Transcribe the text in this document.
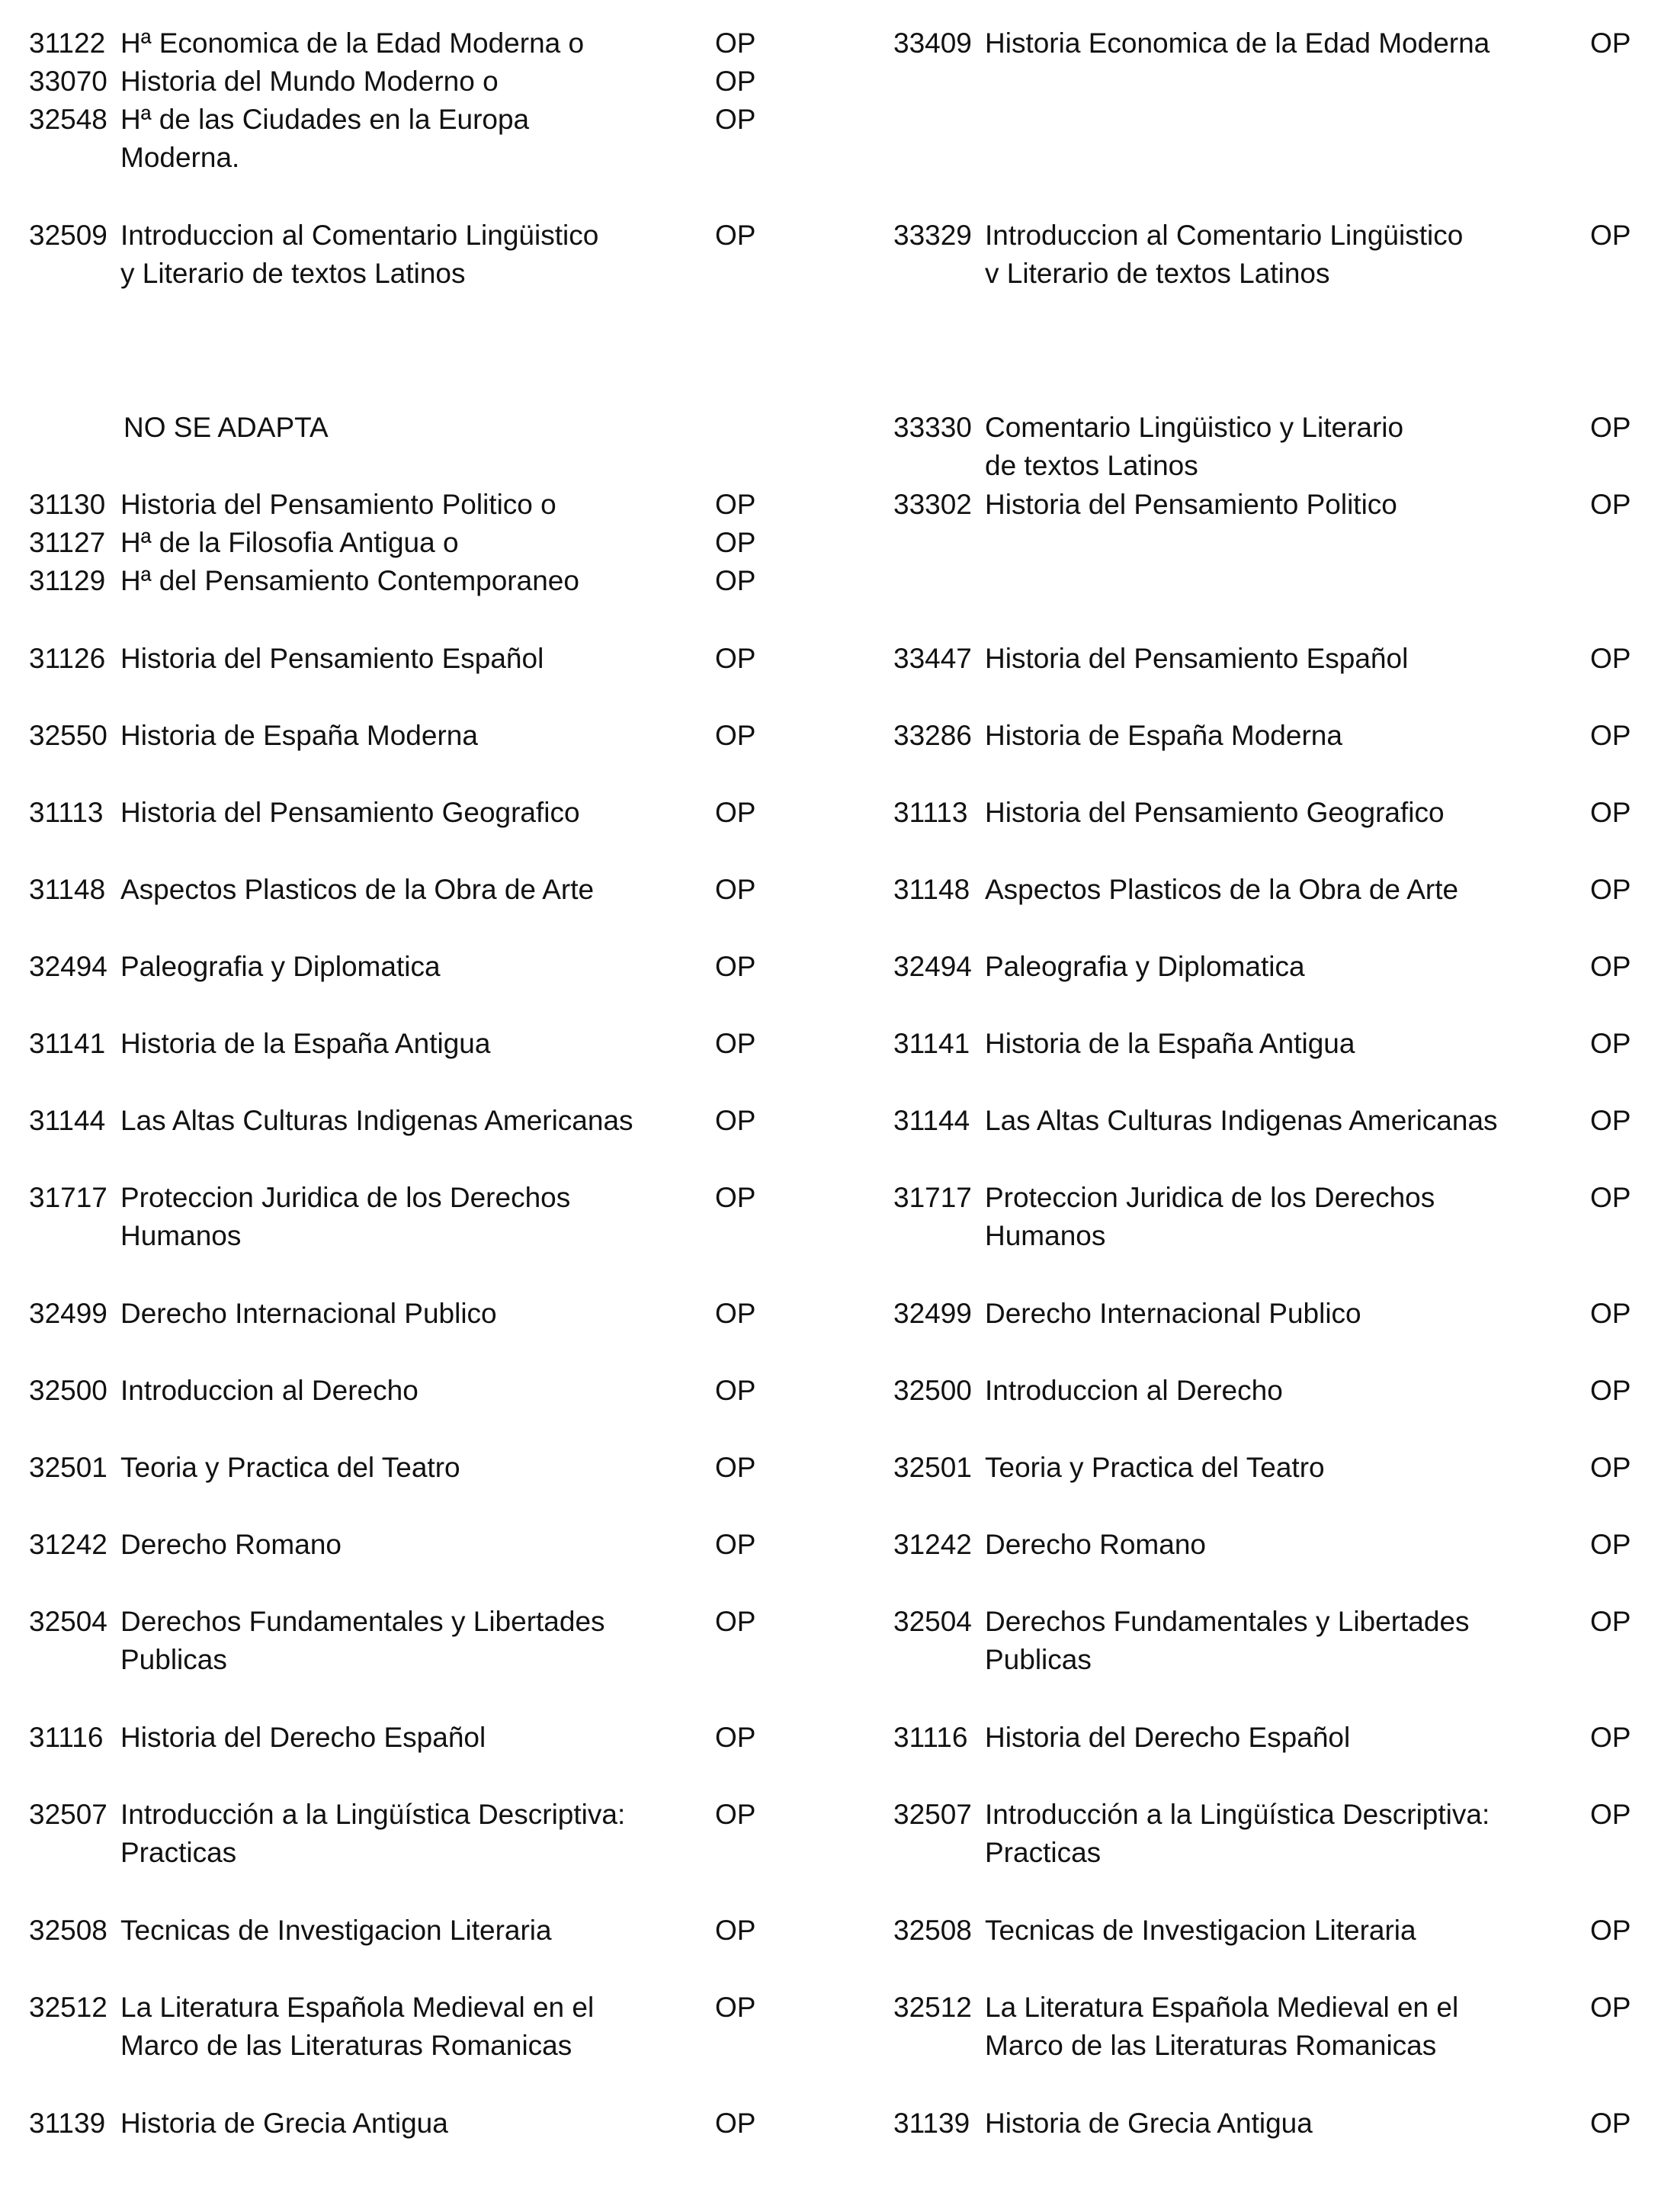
31122 Hª Economica de la Edad Moderna o	OP
33070 Historia del Mundo Moderno o	OP
32548 Hª de las Ciudades en la Europa	OP
Moderna.
33409 Historia Economica de la Edad Moderna	OP
32509 Introduccion al Comentario Lingüistico	OP
y Literario de textos Latinos
33329 Introduccion al Comentario Lingüistico	OP
v Literario de textos Latinos
NO SE ADAPTA	33330 Comentario Lingüistico y Literario	OP
de textos Latinos
31130 Historia del Pensamiento Politico o	OP
31127 Hª de la Filosofia Antigua o	OP
31129 Hª del Pensamiento Contemporaneo	OP
33302 Historia del Pensamiento Politico	OP
31126 Historia del Pensamiento Español	OP	33447 Historia del Pensamiento Español	OP
32550 Historia de España Moderna	OP	33286 Historia de España Moderna	OP
31113 Historia del Pensamiento Geografico	OP	31113 Historia del Pensamiento Geografico	OP
31148 Aspectos Plasticos de la Obra de Arte	OP	31148 Aspectos Plasticos de la Obra de Arte	OP
32494 Paleografia y Diplomatica	OP	32494 Paleografia y Diplomatica	OP
31141 Historia de la España Antigua	OP	31141 Historia de la España Antigua	OP
31144 Las Altas Culturas Indigenas Americanas	OP	31144 Las Altas Culturas Indigenas Americanas	OP
31717 Proteccion Juridica de los Derechos	OP
Humanos
31717 Proteccion Juridica de los Derechos	OP
Humanos
32499 Derecho Internacional Publico	OP	32499 Derecho Internacional Publico	OP
32500 Introduccion al Derecho	OP	32500 Introduccion al Derecho	OP
32501 Teoria y Practica del Teatro	OP	32501 Teoria y Practica del Teatro	OP
31242 Derecho Romano	OP	31242 Derecho Romano	OP
32504 Derechos Fundamentales y Libertades	OP
Publicas
32504 Derechos Fundamentales y Libertades	OP
Publicas
31116 Historia del Derecho Español	OP	31116 Historia del Derecho Español	OP
32507 Introducción a la Lingüística Descriptiva:	OP
Practicas
32507 Introducción a la Lingüística Descriptiva:	OP
Practicas
32508 Tecnicas de Investigacion Literaria	OP	32508 Tecnicas de Investigacion Literaria	OP
32512 La Literatura Española Medieval en el	OP
Marco de las Literaturas Romanicas
32512 La Literatura Española Medieval en el	OP
Marco de las Literaturas Romanicas
31139 Historia de Grecia Antigua	OP	31139 Historia de Grecia Antigua	OP
